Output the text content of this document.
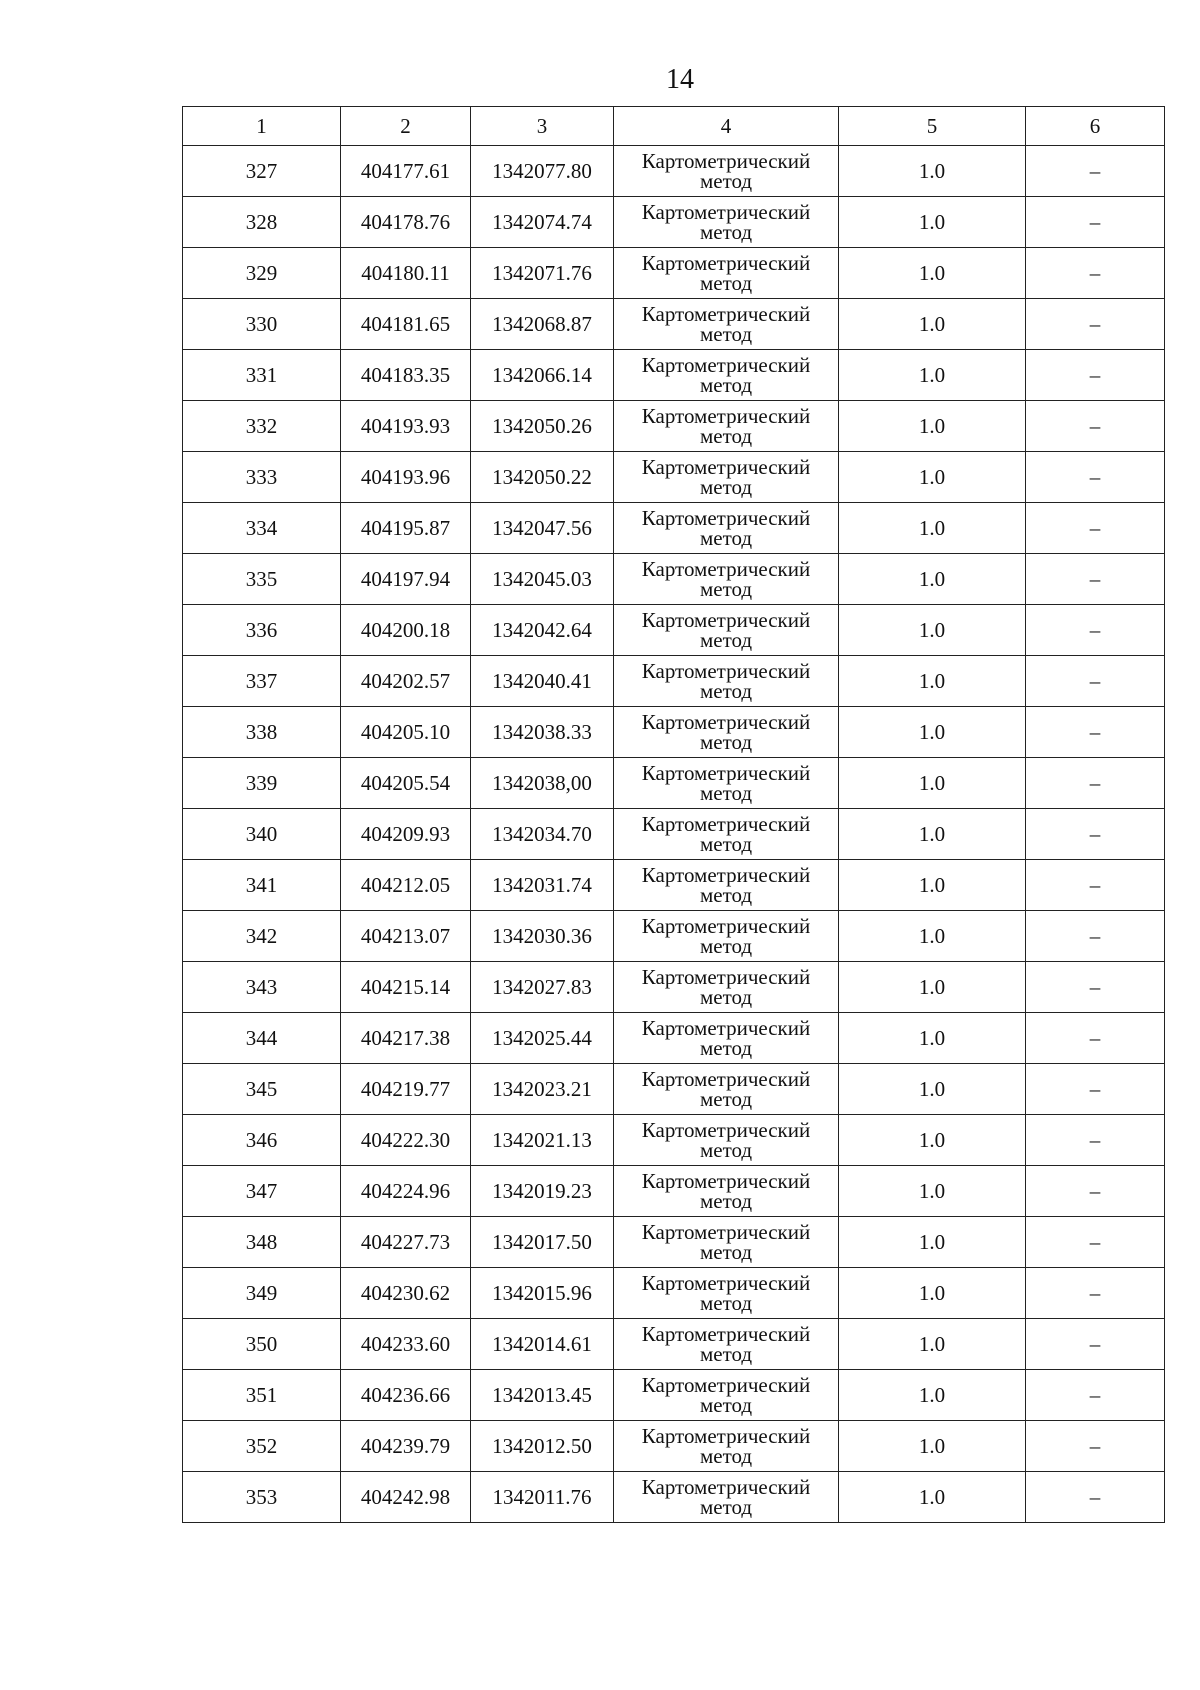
14
1	2	3	4	5	6
327	404177.61	1342077.80	Картометрический
метод	1.0	–
328	404178.76	1342074.74	Картометрический
метод	1.0	–
329	404180.11	1342071.76	Картометрический
метод	1.0	–
330	404181.65	1342068.87	Картометрический
метод	1.0	–
331	404183.35	1342066.14	Картометрический
метод	1.0	–
332	404193.93	1342050.26	Картометрический
метод	1.0	–
333	404193.96	1342050.22	Картометрический
метод	1.0	–
334	404195.87	1342047.56	Картометрический
метод	1.0	–
335	404197.94	1342045.03	Картометрический
метод	1.0	–
336	404200.18	1342042.64	Картометрический
метод	1.0	–
337	404202.57	1342040.41	Картометрический
метод	1.0	–
338	404205.10	1342038.33	Картометрический
метод	1.0	–
339	404205.54	1342038,00	Картометрический
метод	1.0	–
340	404209.93	1342034.70	Картометрический
метод	1.0	–
341	404212.05	1342031.74	Картометрический
метод	1.0	–
342	404213.07	1342030.36	Картометрический
метод	1.0	–
343	404215.14	1342027.83	Картометрический
метод	1.0	–
344	404217.38	1342025.44	Картометрический
метод	1.0	–
345	404219.77	1342023.21	Картометрический
метод	1.0	–
346	404222.30	1342021.13	Картометрический
метод	1.0	–
347	404224.96	1342019.23	Картометрический
метод	1.0	–
348	404227.73	1342017.50	Картометрический
метод	1.0	–
349	404230.62	1342015.96	Картометрический
метод	1.0	–
350	404233.60	1342014.61	Картометрический
метод	1.0	–
351	404236.66	1342013.45	Картометрический
метод	1.0	–
352	404239.79	1342012.50	Картометрический
метод	1.0	–
353	404242.98	1342011.76	Картометрический
метод	1.0	–
